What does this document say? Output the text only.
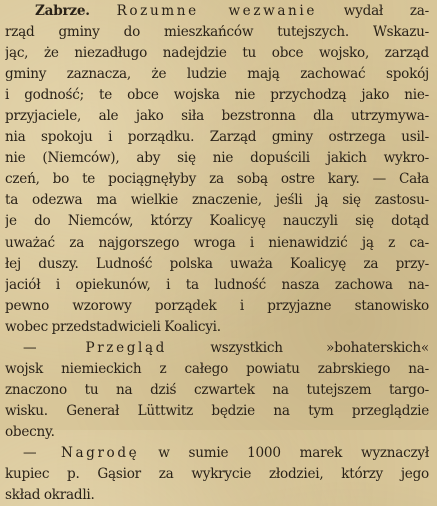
Zabrze. Rozumne wezwanie wydał za-
rząd gminy do mieszkańców tutejszych. Wskazu-
jąc, że niezadługo nadejdzie tu obce wojsko, zarząd
gminy zaznacza, że ludzie mają zachować spokój
i godność; te obce wojska nie przychodzą jako nie-
przyjaciele, ale jako siła bezstronna dla utrzymywa-
nia spokoju i porządku. Zarząd gminy ostrzega usil-
nie (Niemców), aby się nie dopuścili jakich wykro-
czeń, bo te pociągnęłyby za sobą ostre kary. — Cała
ta odezwa ma wielkie znaczenie, jeśli ją się zastosu-
je do Niemców, którzy Koalicyę nauczyli się dotąd
uważać za najgorszego wroga i nienawidzić ją z ca-
łej duszy. Ludność polska uważa Koalicyę za przy-
jaciół i opiekunów, i ta ludność nasza zachowa na-
pewno wzorowy porządek i przyjazne stanowisko
wobec przedstadwicieli Koalicyi.
— Przegląd	wszystkich »bohaterskich«
wojsk niemieckich z całego powiatu zabrskiego na-
znaczono tu na dziś czwartek na tutejszem targo-
wisku. Generał Lüttwitz będzie na tym przeglądzie
obecny.
— Nagrodę w sumie 1000 marek wyznaczył
kupiec p. Gąsior za wykrycie złodziei, którzy jego
skład okradli.
